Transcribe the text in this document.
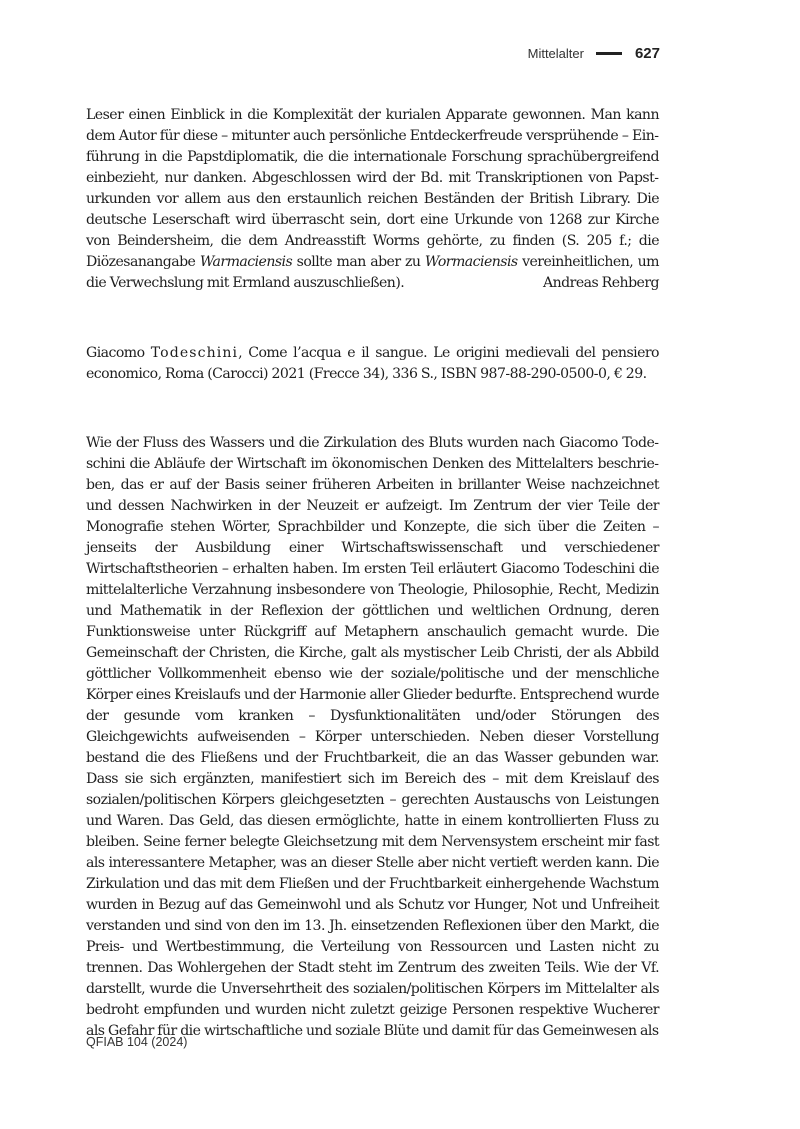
Mittelalter	627

Leser einen Einblick in die Komplexität der kurialen Apparate gewonnen. Man kann dem Autor für diese – mitunter auch persönliche Entdeckerfreude versprühende – Einführung in die Papstdiplomatik, die die internationale Forschung sprachübergreifend einbezieht, nur danken. Abgeschlossen wird der Bd. mit Transkriptionen von Papsturkunden vor allem aus den erstaunlich reichen Beständen der British Library. Die deutsche Leserschaft wird überrascht sein, dort eine Urkunde von 1268 zur Kirche von Beindersheim, die dem Andreasstift Worms gehörte, zu finden (S. 205 f.; die Diözesanangabe Warmaciensis sollte man aber zu Wormaciensis vereinheitlichen, um die Verwechslung mit Ermland auszuschließen).	Andreas Rehberg

Giacomo Todeschini, Come l’acqua e il sangue. Le origini medievali del pensiero economico, Roma (Carocci) 2021 (Frecce 34), 336 S., ISBN 987-88-290-0500-0, € 29.

Wie der Fluss des Wassers und die Zirkulation des Bluts wurden nach Giacomo Todeschini die Abläufe der Wirtschaft im ökonomischen Denken des Mittelalters beschrieben, das er auf der Basis seiner früheren Arbeiten in brillanter Weise nachzeichnet und dessen Nachwirken in der Neuzeit er aufzeigt. Im Zentrum der vier Teile der Monografie stehen Wörter, Sprachbilder und Konzepte, die sich über die Zeiten – jenseits der Ausbildung einer Wirtschaftswissenschaft und verschiedener Wirtschaftstheorien – erhalten haben. Im ersten Teil erläutert Giacomo Todeschini die mittelalterliche Verzahnung insbesondere von Theologie, Philosophie, Recht, Medizin und Mathematik in der Reflexion der göttlichen und weltlichen Ordnung, deren Funktionsweise unter Rückgriff auf Metaphern anschaulich gemacht wurde. Die Gemeinschaft der Christen, die Kirche, galt als mystischer Leib Christi, der als Abbild göttlicher Vollkommenheit ebenso wie der soziale/politische und der menschliche Körper eines Kreislaufs und der Harmonie aller Glieder bedurfte. Entsprechend wurde der gesunde vom kranken – Dysfunktionalitäten und/oder Störungen des Gleichgewichts aufweisenden – Körper unterschieden. Neben dieser Vorstellung bestand die des Fließens und der Fruchtbarkeit, die an das Wasser gebunden war. Dass sie sich ergänzten, manifestiert sich im Bereich des – mit dem Kreislauf des sozialen/politischen Körpers gleichgesetzten – gerechten Austauschs von Leistungen und Waren. Das Geld, das diesen ermöglichte, hatte in einem kontrollierten Fluss zu bleiben. Seine ferner belegte Gleichsetzung mit dem Nervensystem erscheint mir fast als interessantere Metapher, was an dieser Stelle aber nicht vertieft werden kann. Die Zirkulation und das mit dem Fließen und der Fruchtbarkeit einhergehende Wachstum wurden in Bezug auf das Gemeinwohl und als Schutz vor Hunger, Not und Unfreiheit verstanden und sind von den im 13. Jh. einsetzenden Reflexionen über den Markt, die Preis- und Wertbestimmung, die Verteilung von Ressourcen und Lasten nicht zu trennen. Das Wohlergehen der Stadt steht im Zentrum des zweiten Teils. Wie der Vf. darstellt, wurde die Unversehrtheit des sozialen/politischen Körpers im Mittelalter als bedroht empfunden und wurden nicht zuletzt geizige Personen respektive Wucherer als Gefahr für die wirtschaftliche und soziale Blüte und damit für das Gemeinwesen als

QFIAB 104 (2024)
